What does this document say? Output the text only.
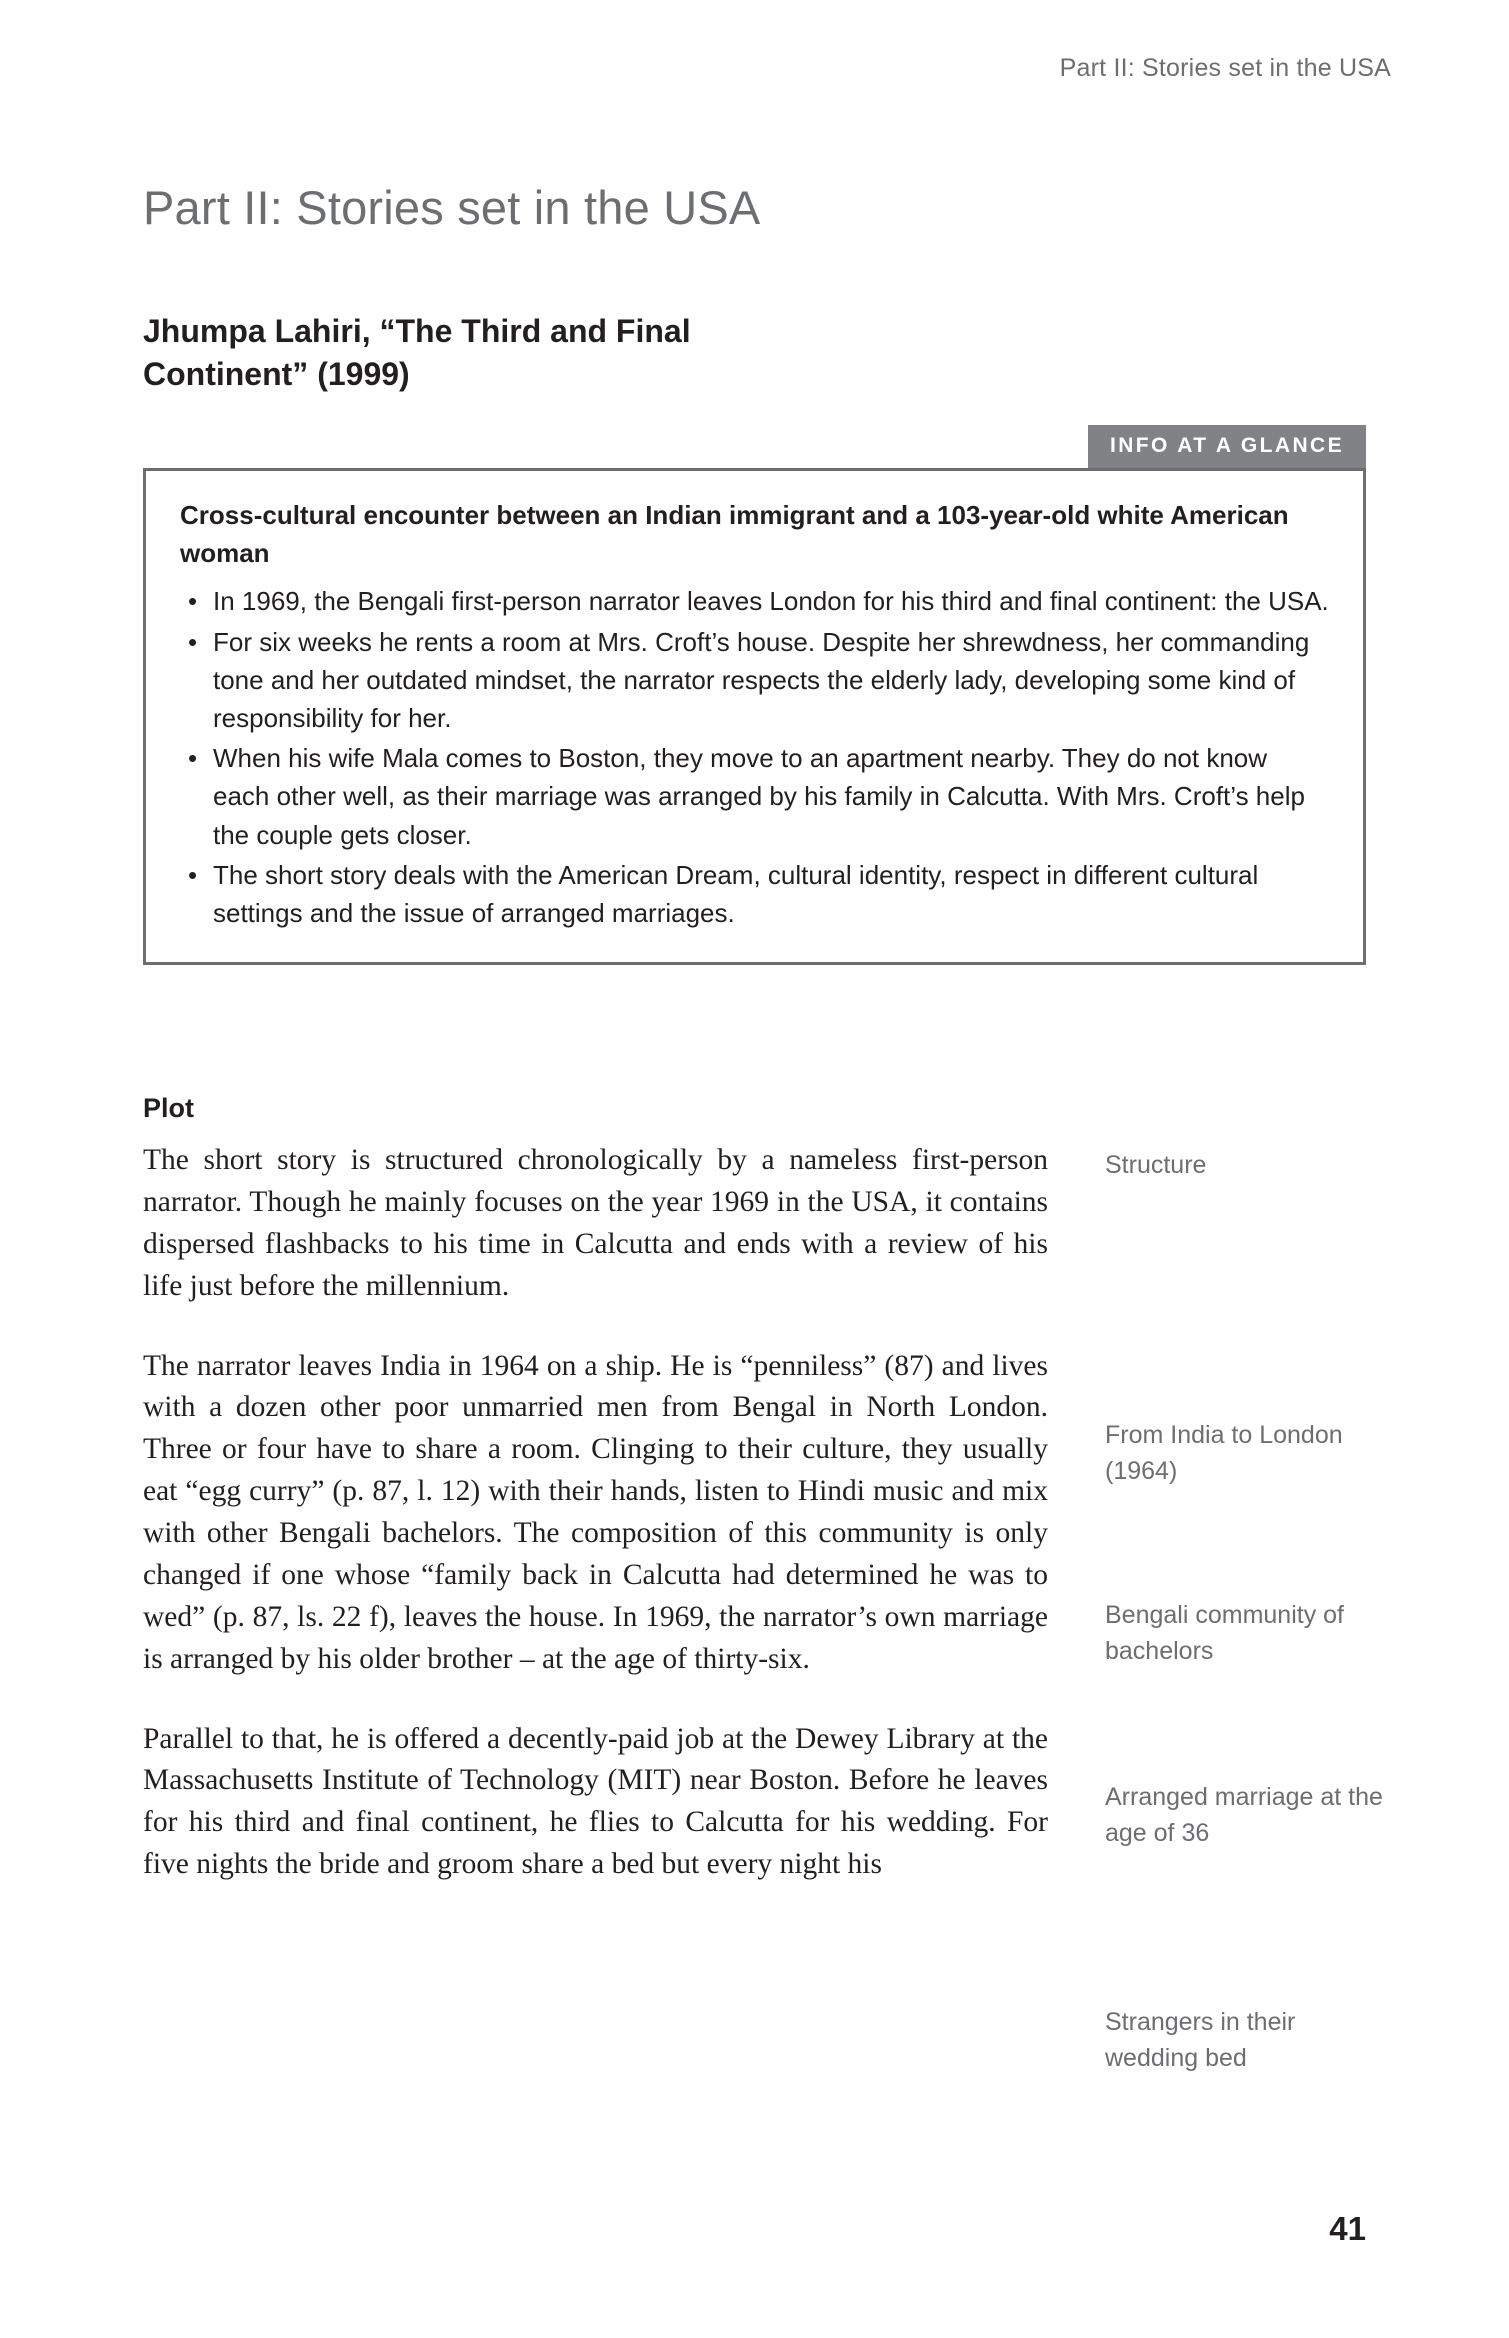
Part II: Stories set in the USA
Part II: Stories set in the USA
Jhumpa Lahiri, “The Third and Final Continent” (1999)
INFO AT A GLANCE

Cross-cultural encounter between an Indian immigrant and a 103-year-old white American woman

• In 1969, the Bengali first-person narrator leaves London for his third and final continent: the USA.
• For six weeks he rents a room at Mrs. Croft’s house. Despite her shrewdness, her commanding tone and her outdated mindset, the narrator respects the elderly lady, developing some kind of responsibility for her.
• When his wife Mala comes to Boston, they move to an apartment nearby. They do not know each other well, as their marriage was arranged by his family in Calcutta. With Mrs. Croft’s help the couple gets closer.
• The short story deals with the American Dream, cultural identity, respect in different cultural settings and the issue of arranged marriages.
Plot

The short story is structured chronologically by a nameless first-person narrator. Though he mainly focuses on the year 1969 in the USA, it contains dispersed flashbacks to his time in Calcutta and ends with a review of his life just before the millennium.

The narrator leaves India in 1964 on a ship. He is “penniless” (87) and lives with a dozen other poor unmarried men from Bengal in North London. Three or four have to share a room. Clinging to their culture, they usually eat “egg curry” (p. 87, l. 12) with their hands, listen to Hindi music and mix with other Bengali bachelors. The composition of this community is only changed if one whose “family back in Calcutta had determined he was to wed” (p. 87, ls. 22 f), leaves the house. In 1969, the narrator’s own marriage is arranged by his older brother – at the age of thirty-six.

Parallel to that, he is offered a decently-paid job at the Dewey Library at the Massachusetts Institute of Technology (MIT) near Boston. Before he leaves for his third and final continent, he flies to Calcutta for his wedding. For five nights the bride and groom share a bed but every night his

Structure
From India to London (1964)
Bengali community of bachelors
Arranged marriage at the age of 36
Strangers in their wedding bed
41
